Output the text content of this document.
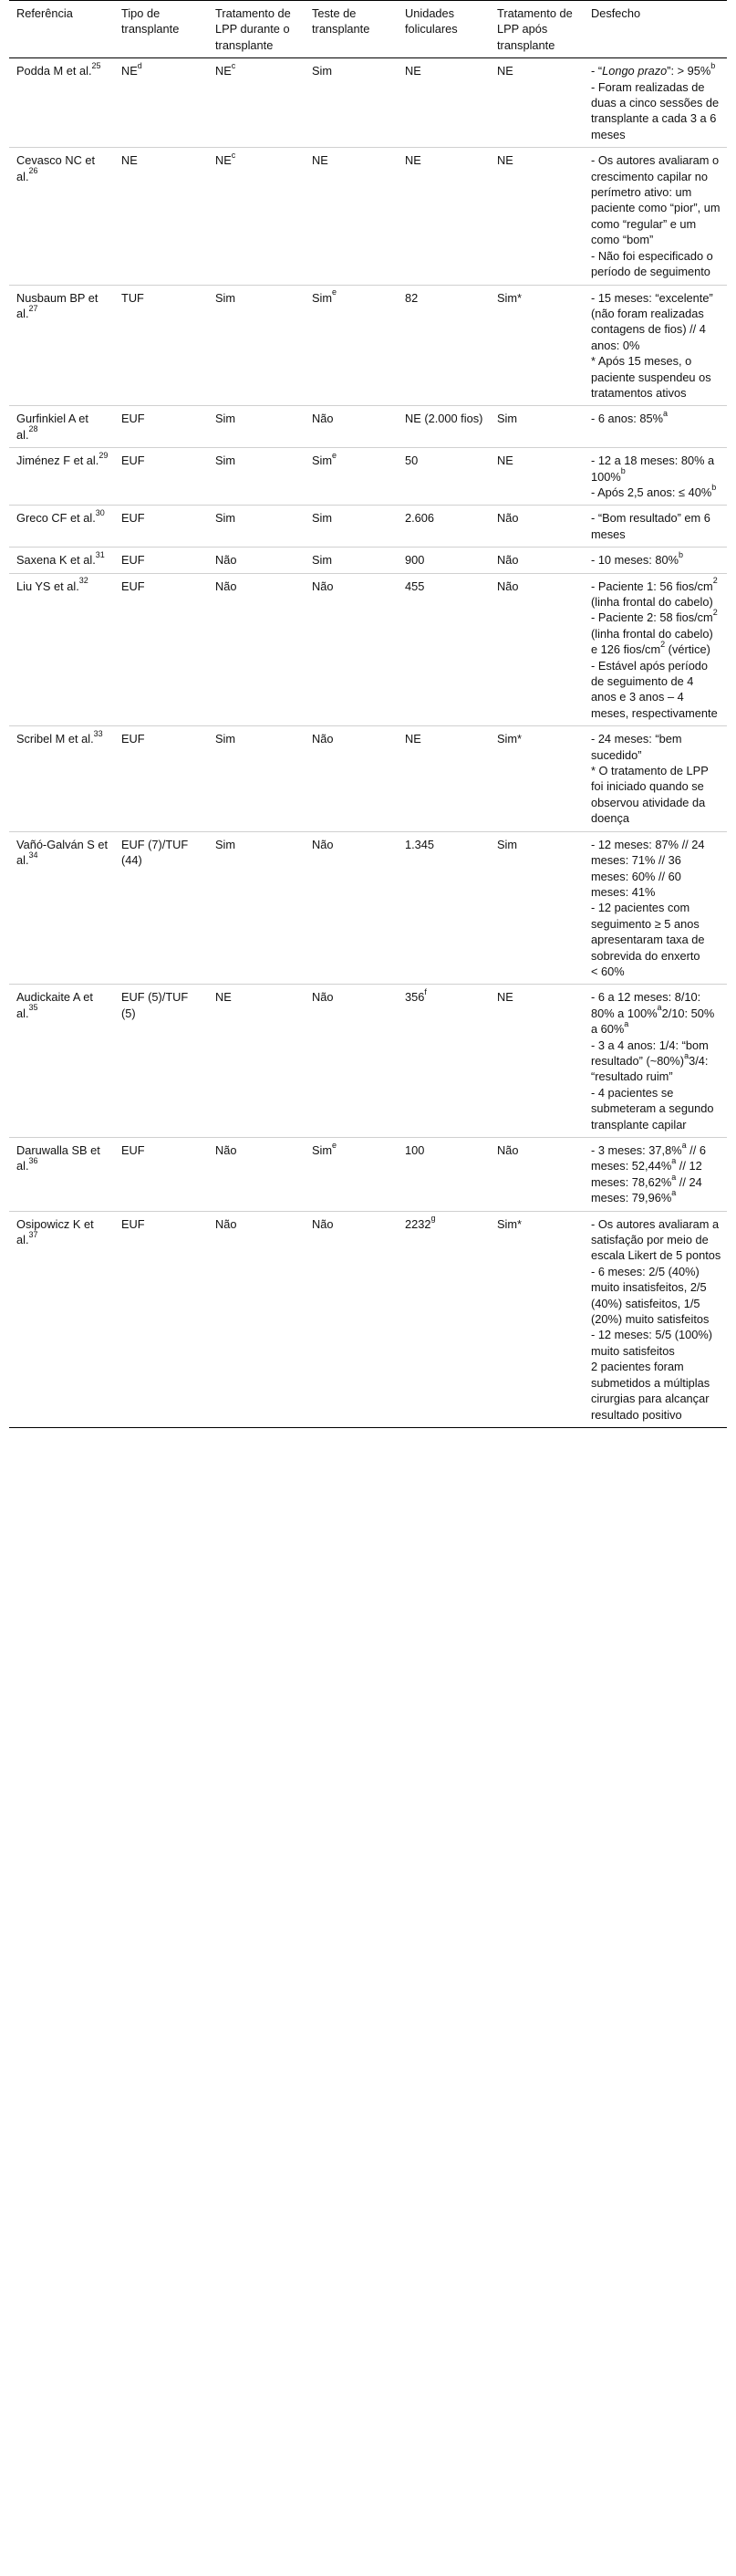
Referência	Tipo de transplante	Tratamento de LPP durante o transplante	Teste de transplante	Unidades foliculares	Tratamento de LPP após transplante	Desfecho
Podda M et al.$^{25}$	$NE^d$	$NE^c$	Sim	NE	NE	- “Longo prazo”: > 95%$^b$
- Foram realizadas de duas a cinco sessões de transplante a cada 3 a 6 meses
Cevasco NC et al.$^{26}$	NE	$NE^c$	NE	NE	NE	- Os autores avaliaram o crescimento capilar no perímetro ativo: um paciente como “pior”, um como “regular” e um como “bom”
- Não foi especificado o período de seguimento
Nusbaum BP et al.$^{27}$	TUF	Sim	Sim$^e$	82	Sim*	- 15 meses: “excelente” (não foram realizadas contagens de fios) // 4 anos: 0%
* Após 15 meses, o paciente suspendeu os tratamentos ativos
Gurfinkiel A et al.$^{28}$	EUF	Sim	Não	NE (2.000 fios)	Sim	- 6 anos: 85%$^a$
Jiménez F et al.$^{29}$	EUF	Sim	Sim$^e$	50	NE	- 12 a 18 meses: 80% a 100%$^b$
- Após 2,5 anos: ≤ 40%$^b$
Greco CF et al.$^{30}$	EUF	Sim	Sim	2.606	Não	- “Bom resultado” em 6 meses
Saxena K et al.$^{31}$	EUF	Não	Sim	900	Não	- 10 meses: 80%$^b$
Liu YS et al.$^{32}$	EUF	Não	Não	455	Não	- Paciente 1: 56 fios/$cm^2$ (linha frontal do cabelo)
- Paciente 2: 58 fios/$cm^2$ (linha frontal do cabelo) e 126 fios/$cm^2$ (vértice)
- Estável após período de seguimento de 4 anos e 3 anos – 4 meses, respectivamente
Scribel M et al.$^{33}$	EUF	Sim	Não	NE	Sim*	- 24 meses: “bem sucedido”
* O tratamento de LPP foi iniciado quando se observou atividade da doença
Vañó-Galván S et al.$^{34}$	EUF (7)/TUF (44)	Sim	Não	1.345	Sim	- 12 meses: 87% // 24 meses: 71% // 36 meses: 60% // 60 meses: 41%
- 12 pacientes com seguimento ≥ 5 anos apresentaram taxa de sobrevida do enxerto
< 60%
Audickaite A et al.$^{35}$	EUF (5)/TUF (5)	NE	Não	356$^f$	NE	- 6 a 12 meses: 8/10: 80% a 100%$^a$2/10: 50% a 60%$^a$
- 3 a 4 anos: 1/4: “bom resultado” (~80%)$^a$3/4: “resultado ruim”
- 4 pacientes se submeteram a segundo transplante capilar
Daruwalla SB et al.$^{36}$	EUF	Não	Sim$^e$	100	Não	- 3 meses: 37,8%$^a$ // 6 meses: 52,44%$^a$ // 12 meses: 78,62%$^a$ // 24 meses: 79,96%$^a$
Osipowicz K et al.$^{37}$	EUF	Não	Não	2232$^g$	Sim*	- Os autores avaliaram a satisfação por meio de escala Likert de 5 pontos
- 6 meses: 2/5 (40%) muito insatisfeitos, 2/5 (40%) satisfeitos, 1/5 (20%) muito satisfeitos
- 12 meses: 5/5 (100%) muito satisfeitos
2 pacientes foram submetidos a múltiplas cirurgias para alcançar resultado positivo
